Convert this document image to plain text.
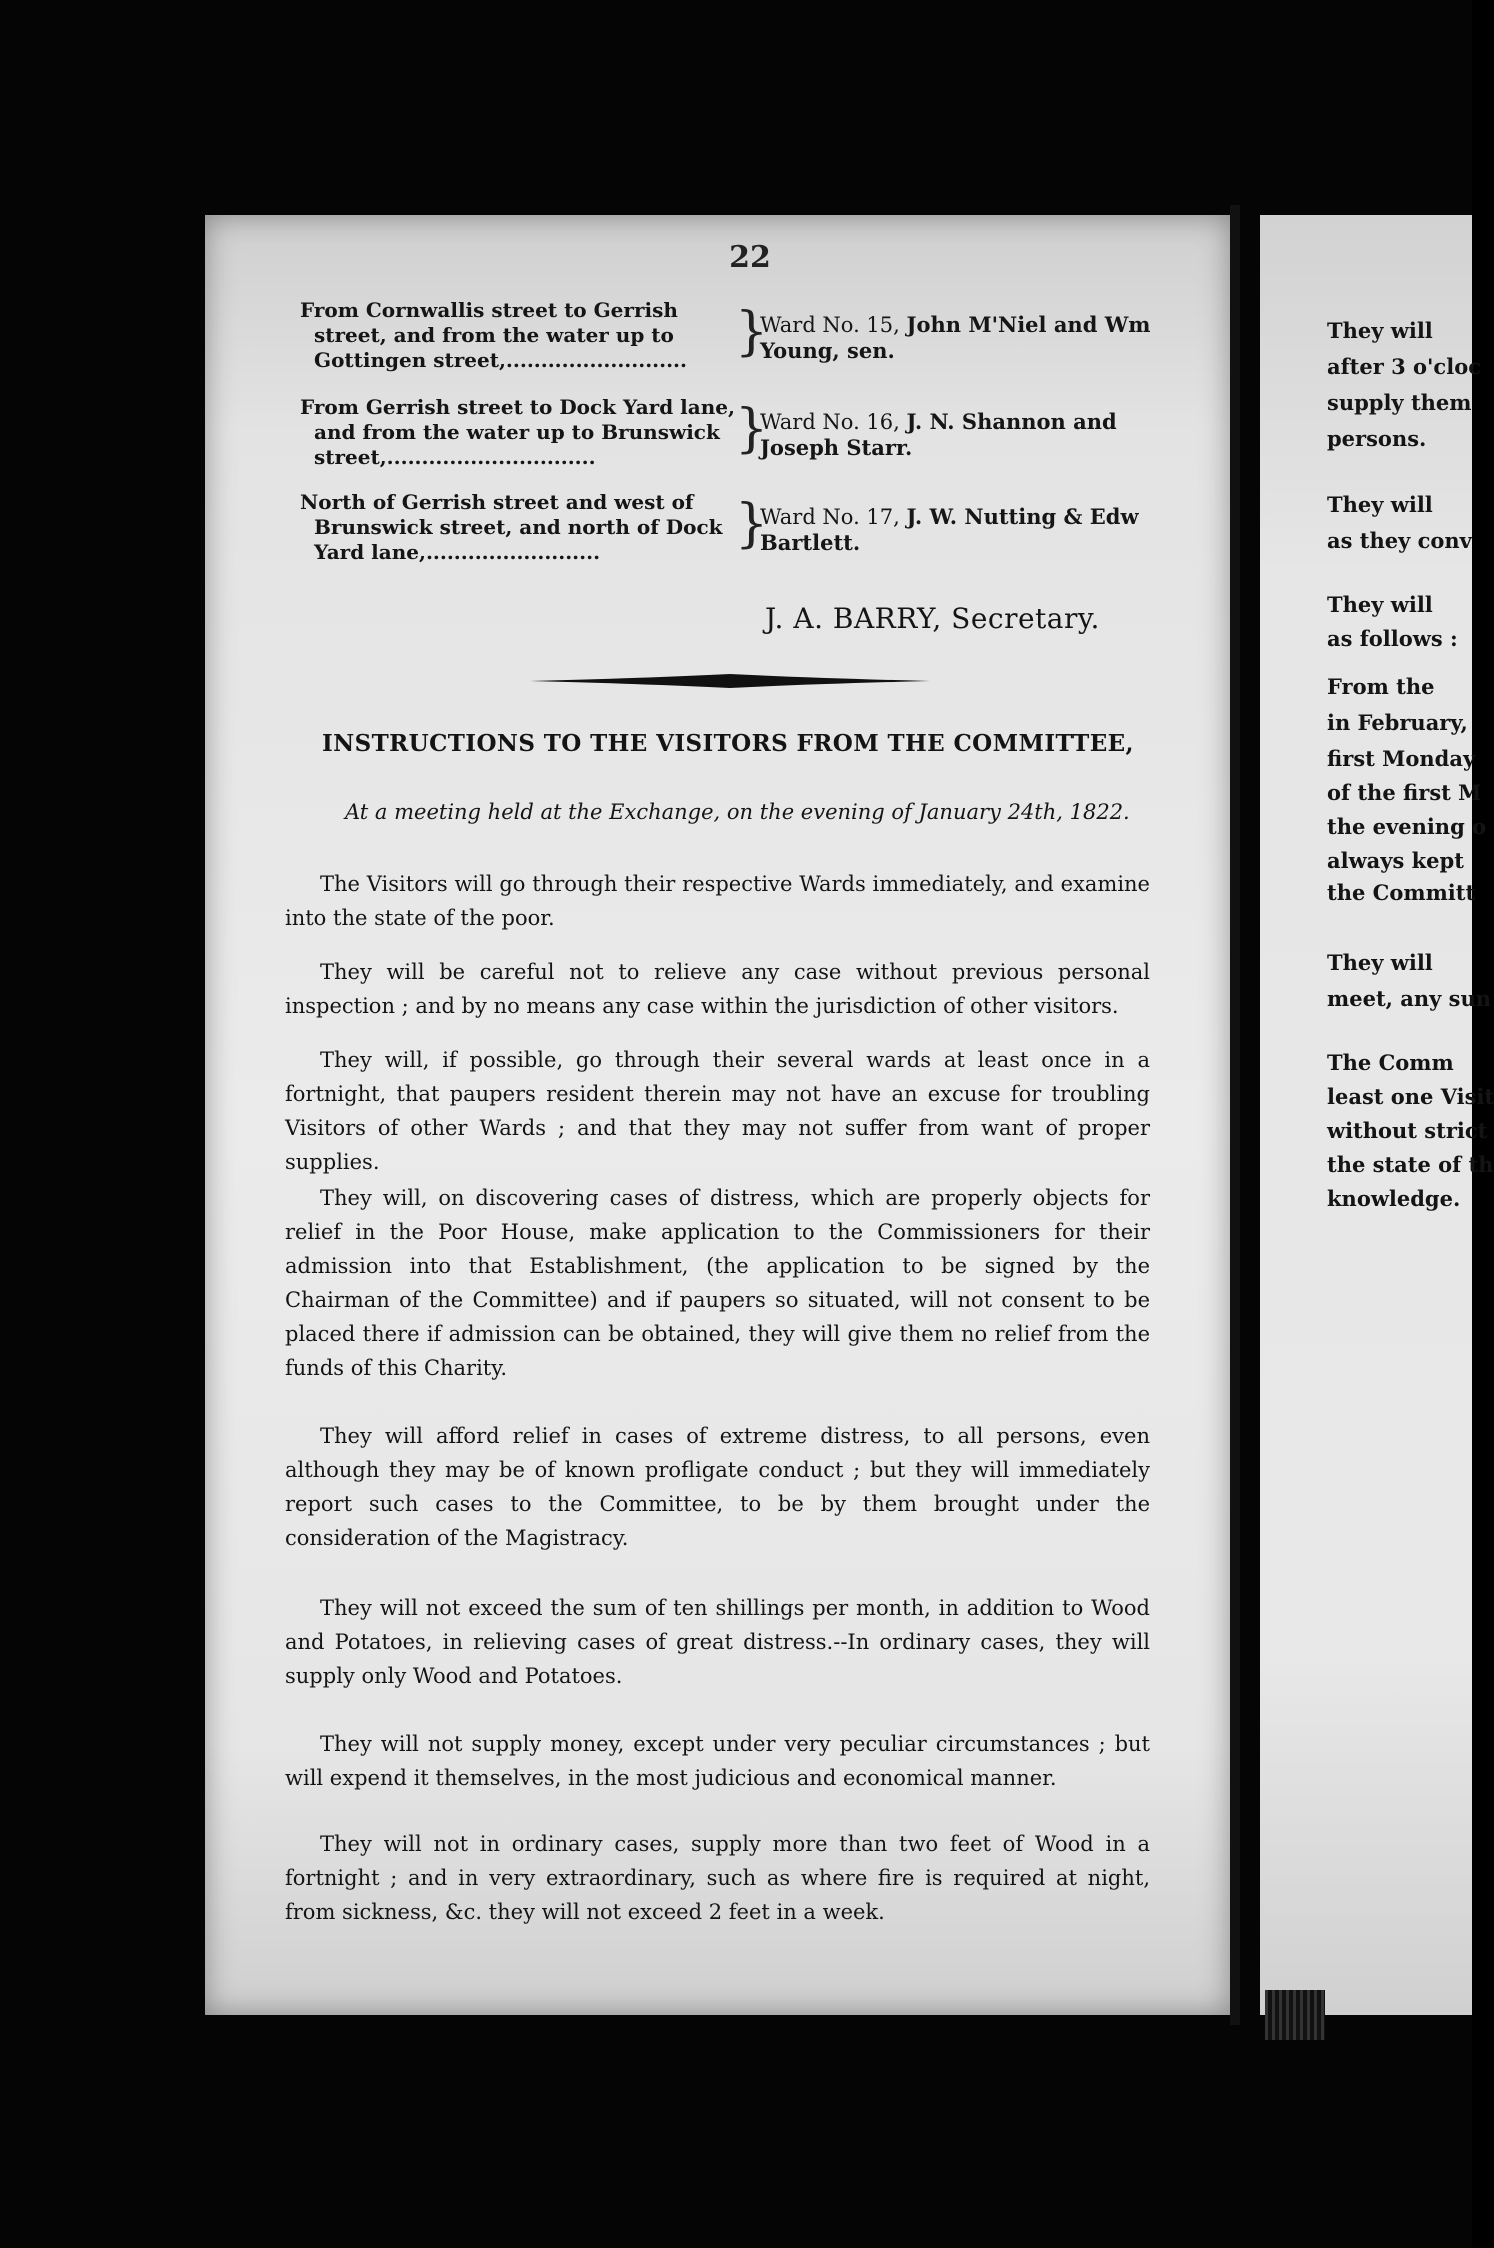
22
From Cornwallis street to Gerrish street, and from the water up to Gottingen street,.......................... }
Ward No. 15, John M'Niel and Wm Young, sen.
From Gerrish street to Dock Yard lane, and from the water up to Brunswick street,..............................	}
Ward No. 16, J. N. Shannon and Joseph Starr.
North of Gerrish street and west of Brunswick street, and north of Dock Yard lane,.........................	}
Ward No. 17, J. W. Nutting & Edw Bartlett.
J. A. BARRY, Secretary.
INSTRUCTIONS TO THE VISITORS FROM THE COMMITTEE,
At a meeting held at the Exchange, on the evening of January 24th, 1822.

The Visitors will go through their respective Wards immediately, and examine into the state of the poor.

They will be careful not to relieve any case without previous personal inspection ; and by no means any case within the jurisdiction of other visitors.

They will, if possible, go through their several wards at least once in a fortnight, that paupers resident therein may not have an excuse for troubling Visitors of other Wards ; and that they may not suffer from want of proper supplies.

They will, on discovering cases of distress, which are properly objects for relief in the Poor House, make application to the Commissioners for their admission into that Establishment, (the application to be signed by the Chairman of the Committee) and if paupers so situated, will not consent to be placed there if admission can be obtained, they will give them no relief from the funds of this Charity.

They will afford relief in cases of extreme distress, to all persons, even although they may be of known profligate conduct ; but they will immediately report such cases to the Committee, to be by them brought under the consideration of the Magistracy.

They will not exceed the sum of ten shillings per month, in addition to Wood and Potatoes, in relieving cases of great distress.--In ordinary cases, they will supply only Wood and Potatoes.

They will not supply money, except under very peculiar circumstances ; but will expend it themselves, in the most judicious and economical manner.

They will not in ordinary cases, supply more than two feet of Wood in a fortnight ; and in very extraordinary, such as where fire is required at night, from sickness, &c. they will not exceed 2 feet in a week.

They will
after 3 o'cloc
supply them
persons.
They will
as they conv
They will
as follows :
From the
in February,
first Monday
of the first M
the evening o
always kept
the Committ
They will
meet, any sun
The Comm
least one Visit
without strict
the state of th
knowledge.
